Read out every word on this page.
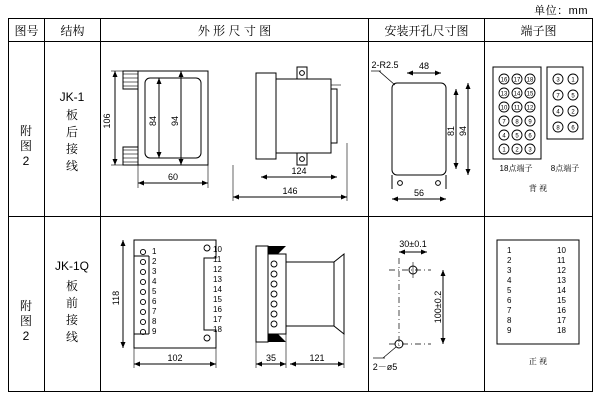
单位：mm
图号	结构	外 形 尺 寸 图	安装开孔尺寸图	端子图

附
图
2

JK-1
板
后
接
线

106	84 94
60
124
146

2-R2.5 48
81 94
56

16 17 18
13 14 15
10 11 12
7 8 9
4 5 6
1 2 3
3 1
7 5
4 2
8 6
18点端子 8点端子
背 视

附
图
2

JK-1Q
板
前
接
线

1
2
3
4
5
6
7
8
9
10
11
12
13
14
15
16
17
18
118
102	35	121

30±0.1
100±0.2
2－ø5

1
2
3
4
5
6
7
8
9
10
11
12
13
14
15
16
17
18
正 视
